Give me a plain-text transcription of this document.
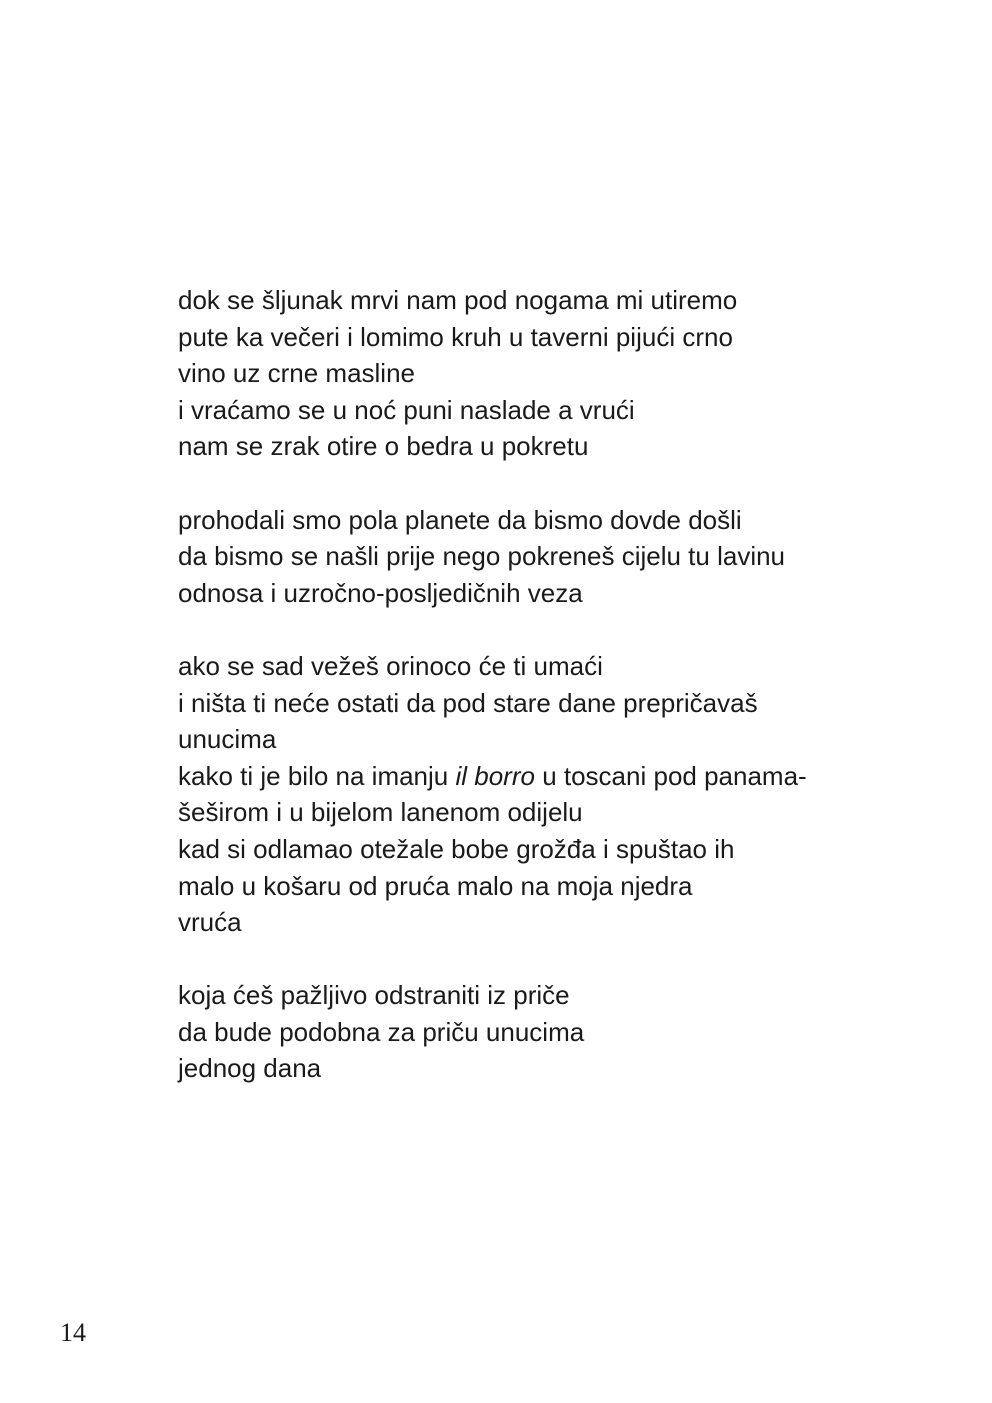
dok se šljunak mrvi nam pod nogama mi utiremo
pute ka večeri i lomimo kruh u taverni pijući crno
vino uz crne masline
i vraćamo se u noć puni naslade a vrući
nam se zrak otire o bedra u pokretu
prohodali smo pola planete da bismo dovde došli
da bismo se našli prije nego pokreneš cijelu tu lavinu
odnosa i uzročno-posljedičnih veza
ako se sad vežeš orinoco će ti umaći
i ništa ti neće ostati da pod stare dane prepričavaš
unucima
kako ti je bilo na imanju il borro u toscani pod panama-
šeširom i u bijelom lanenom odijelu
kad si odlamao otežale bobe grožđa i spuštao ih
malo u košaru od pruća malo na moja njedra
vruća
koja ćeš pažljivo odstraniti iz priče
da bude podobna za priču unucima
jednog dana
14
